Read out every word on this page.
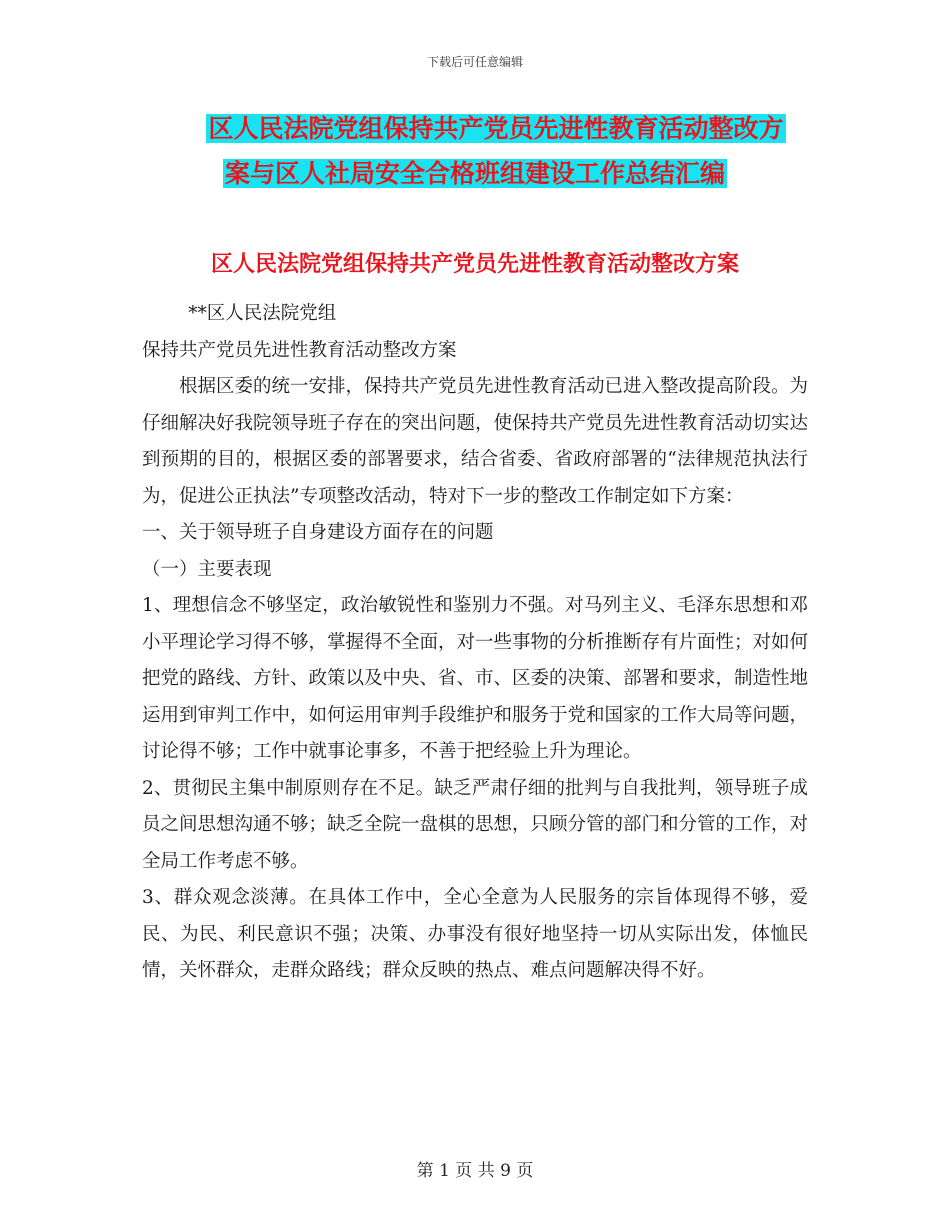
下载后可任意编辑
区人民法院党组保持共产党员先进性教育活动整改方
案与区人社局安全合格班组建设工作总结汇编
区人民法院党组保持共产党员先进性教育活动整改方案

**区人民法院党组

保持共产党员先进性教育活动整改方案

根据区委的统一安排，保持共产党员先进性教育活动已进入整改提高阶段。为仔细解决好我院领导班子存在的突出问题，使保持共产党员先进性教育活动切实达到预期的目的，根据区委的部署要求，结合省委、省政府部署的“法律规范执法行为，促进公正执法”专项整改活动，特对下一步的整改工作制定如下方案：

一、关于领导班子自身建设方面存在的问题

（一）主要表现

1、理想信念不够坚定，政治敏锐性和鉴别力不强。对马列主义、毛泽东思想和邓小平理论学习得不够，掌握得不全面，对一些事物的分析推断存有片面性；对如何把党的路线、方针、政策以及中央、省、市、区委的决策、部署和要求，制造性地运用到审判工作中，如何运用审判手段维护和服务于党和国家的工作大局等问题，讨论得不够；工作中就事论事多，不善于把经验上升为理论。

2、贯彻民主集中制原则存在不足。缺乏严肃仔细的批判与自我批判，领导班子成员之间思想沟通不够；缺乏全院一盘棋的思想，只顾分管的部门和分管的工作，对全局工作考虑不够。

3、群众观念淡薄。在具体工作中，全心全意为人民服务的宗旨体现得不够，爱民、为民、利民意识不强；决策、办事没有很好地坚持一切从实际出发，体恤民情，关怀群众，走群众路线；群众反映的热点、难点问题解决得不好。

第 1 页 共 9 页
